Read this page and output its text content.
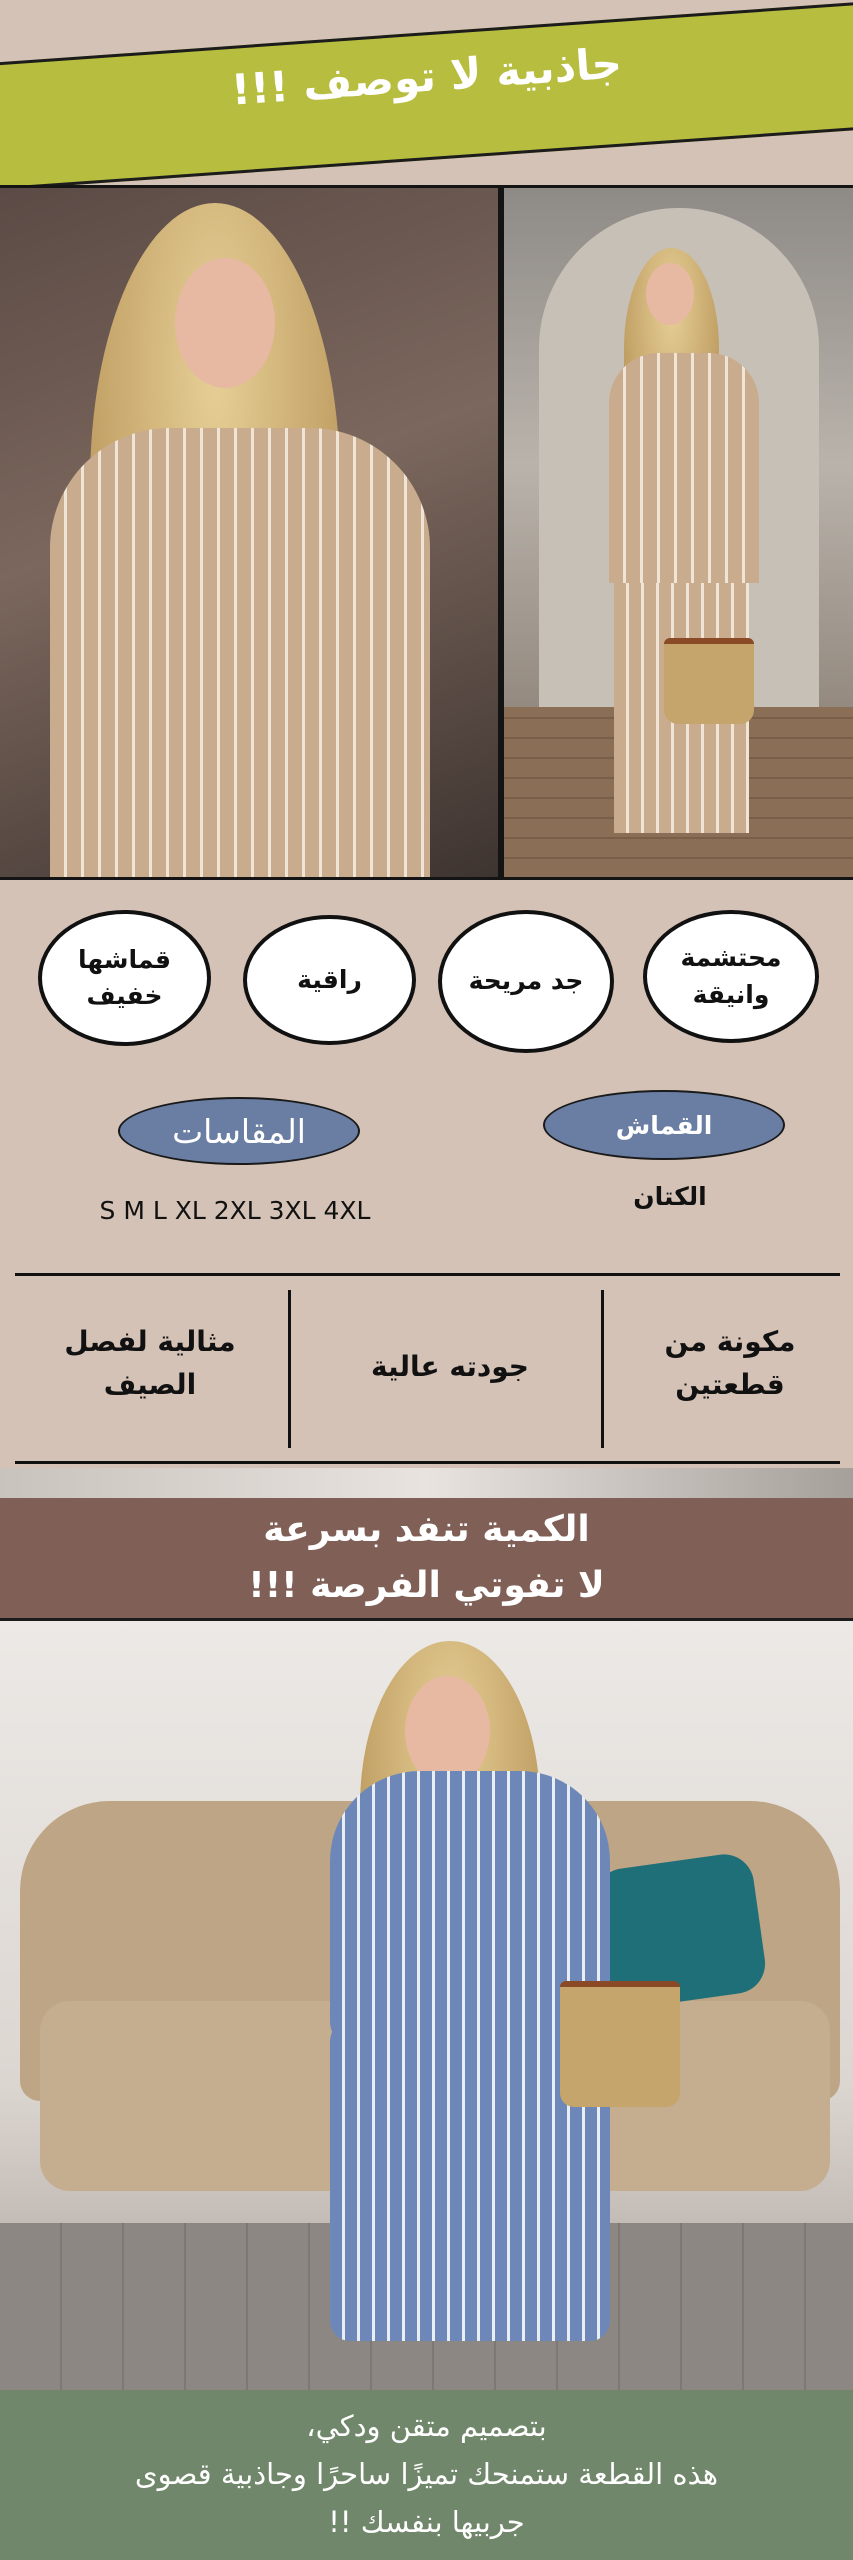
جاذبية لا توصف !!!
محتشمة وانيقة
جد مريحة
راقية
قماشها خفيف
القماش
الكتان
المقاسات
S M L XL 2XL 3XL 4XL
مكونة من قطعتين
جودته عالية
مثالية لفصل الصيف
الكمية تنفد بسرعة
لا تفوتي الفرصة !!!
بتصميم متقن ودكي،
هذه القطعة ستمنحك تميزًا ساحرًا وجاذبية قصوى
جربيها بنفسك !!
